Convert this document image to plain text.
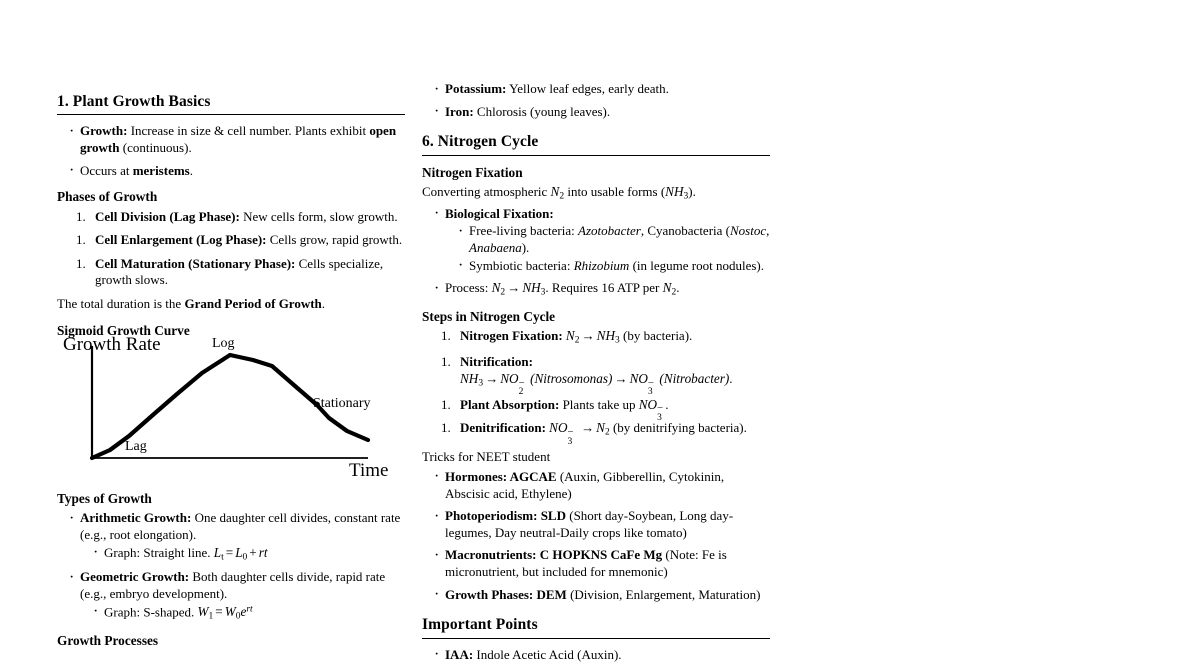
1. Plant Growth Basics
· Growth: Increase in size & cell number. Plants exhibit open growth (continuous).
· Occurs at meristems.
Phases of Growth
1. Cell Division (Lag Phase): New cells form, slow growth.
1. Cell Enlargement (Log Phase): Cells grow, rapid growth.
1. Cell Maturation (Stationary Phase): Cells specialize, growth slows.

The total duration is the Grand Period of Growth.

Sigmoid Growth Curve
Growth Rate
Time
Lag
Log
Stationary
Types of Growth
· Arithmetic Growth: One daughter cell divides, constant rate (e.g., root elongation).
· Graph: Straight line. $L_t = L_0$ + rt
· Geometric Growth: Both daughter cells divide, rapid rate (e.g., embryo development).
· Graph: S-shaped. $W_1 = W_0e^{rt}$
Growth Processes
· Potassium: Yellow leaf edges, early death.
· Iron: Chlorosis (young leaves).
6. Nitrogen Cycle
Nitrogen Fixation

Converting atmospheric $N_2$ into usable forms $(NH_3)$.

· Biological Fixation:
· Free-living bacteria: Azotobacter, Cyanobacteria (Nostoc, Anabaena).
· Symbiotic bacteria: Rhizobium (in legume root nodules).
· Process: $N_2 \to NH_3$. Requires 16 ATP per $N_2$.
Steps in Nitrogen Cycle
1. Nitrogen Fixation: $N_2 \to NH_3$ (by bacteria).
1. Nitrification: $NH_3$ → NO
2
− (Nitrosomonas) → NO
3
− (Nitrobacter).
1. Plant Absorption: Plants take up NO
3
− .
1. Denitrification: NO
3
− → $N_2$ (by denitrifying bacteria).

Tricks for NEET student

· Hormones: AGCAE (Auxin, Gibberellin, Cytokinin, Abscisic acid, Ethylene)
· Photoperiodism: SLD (Short day-Soybean, Long day-legumes, Day neutral-Daily crops like tomato)
· Macronutrients: C HOPKNS CaFe Mg (Note: Fe is micronutrient, but included for mnemonic)
· Growth Phases: DEM (Division, Enlargement, Maturation)
Important Points
· IAA: Indole Acetic Acid (Auxin).
